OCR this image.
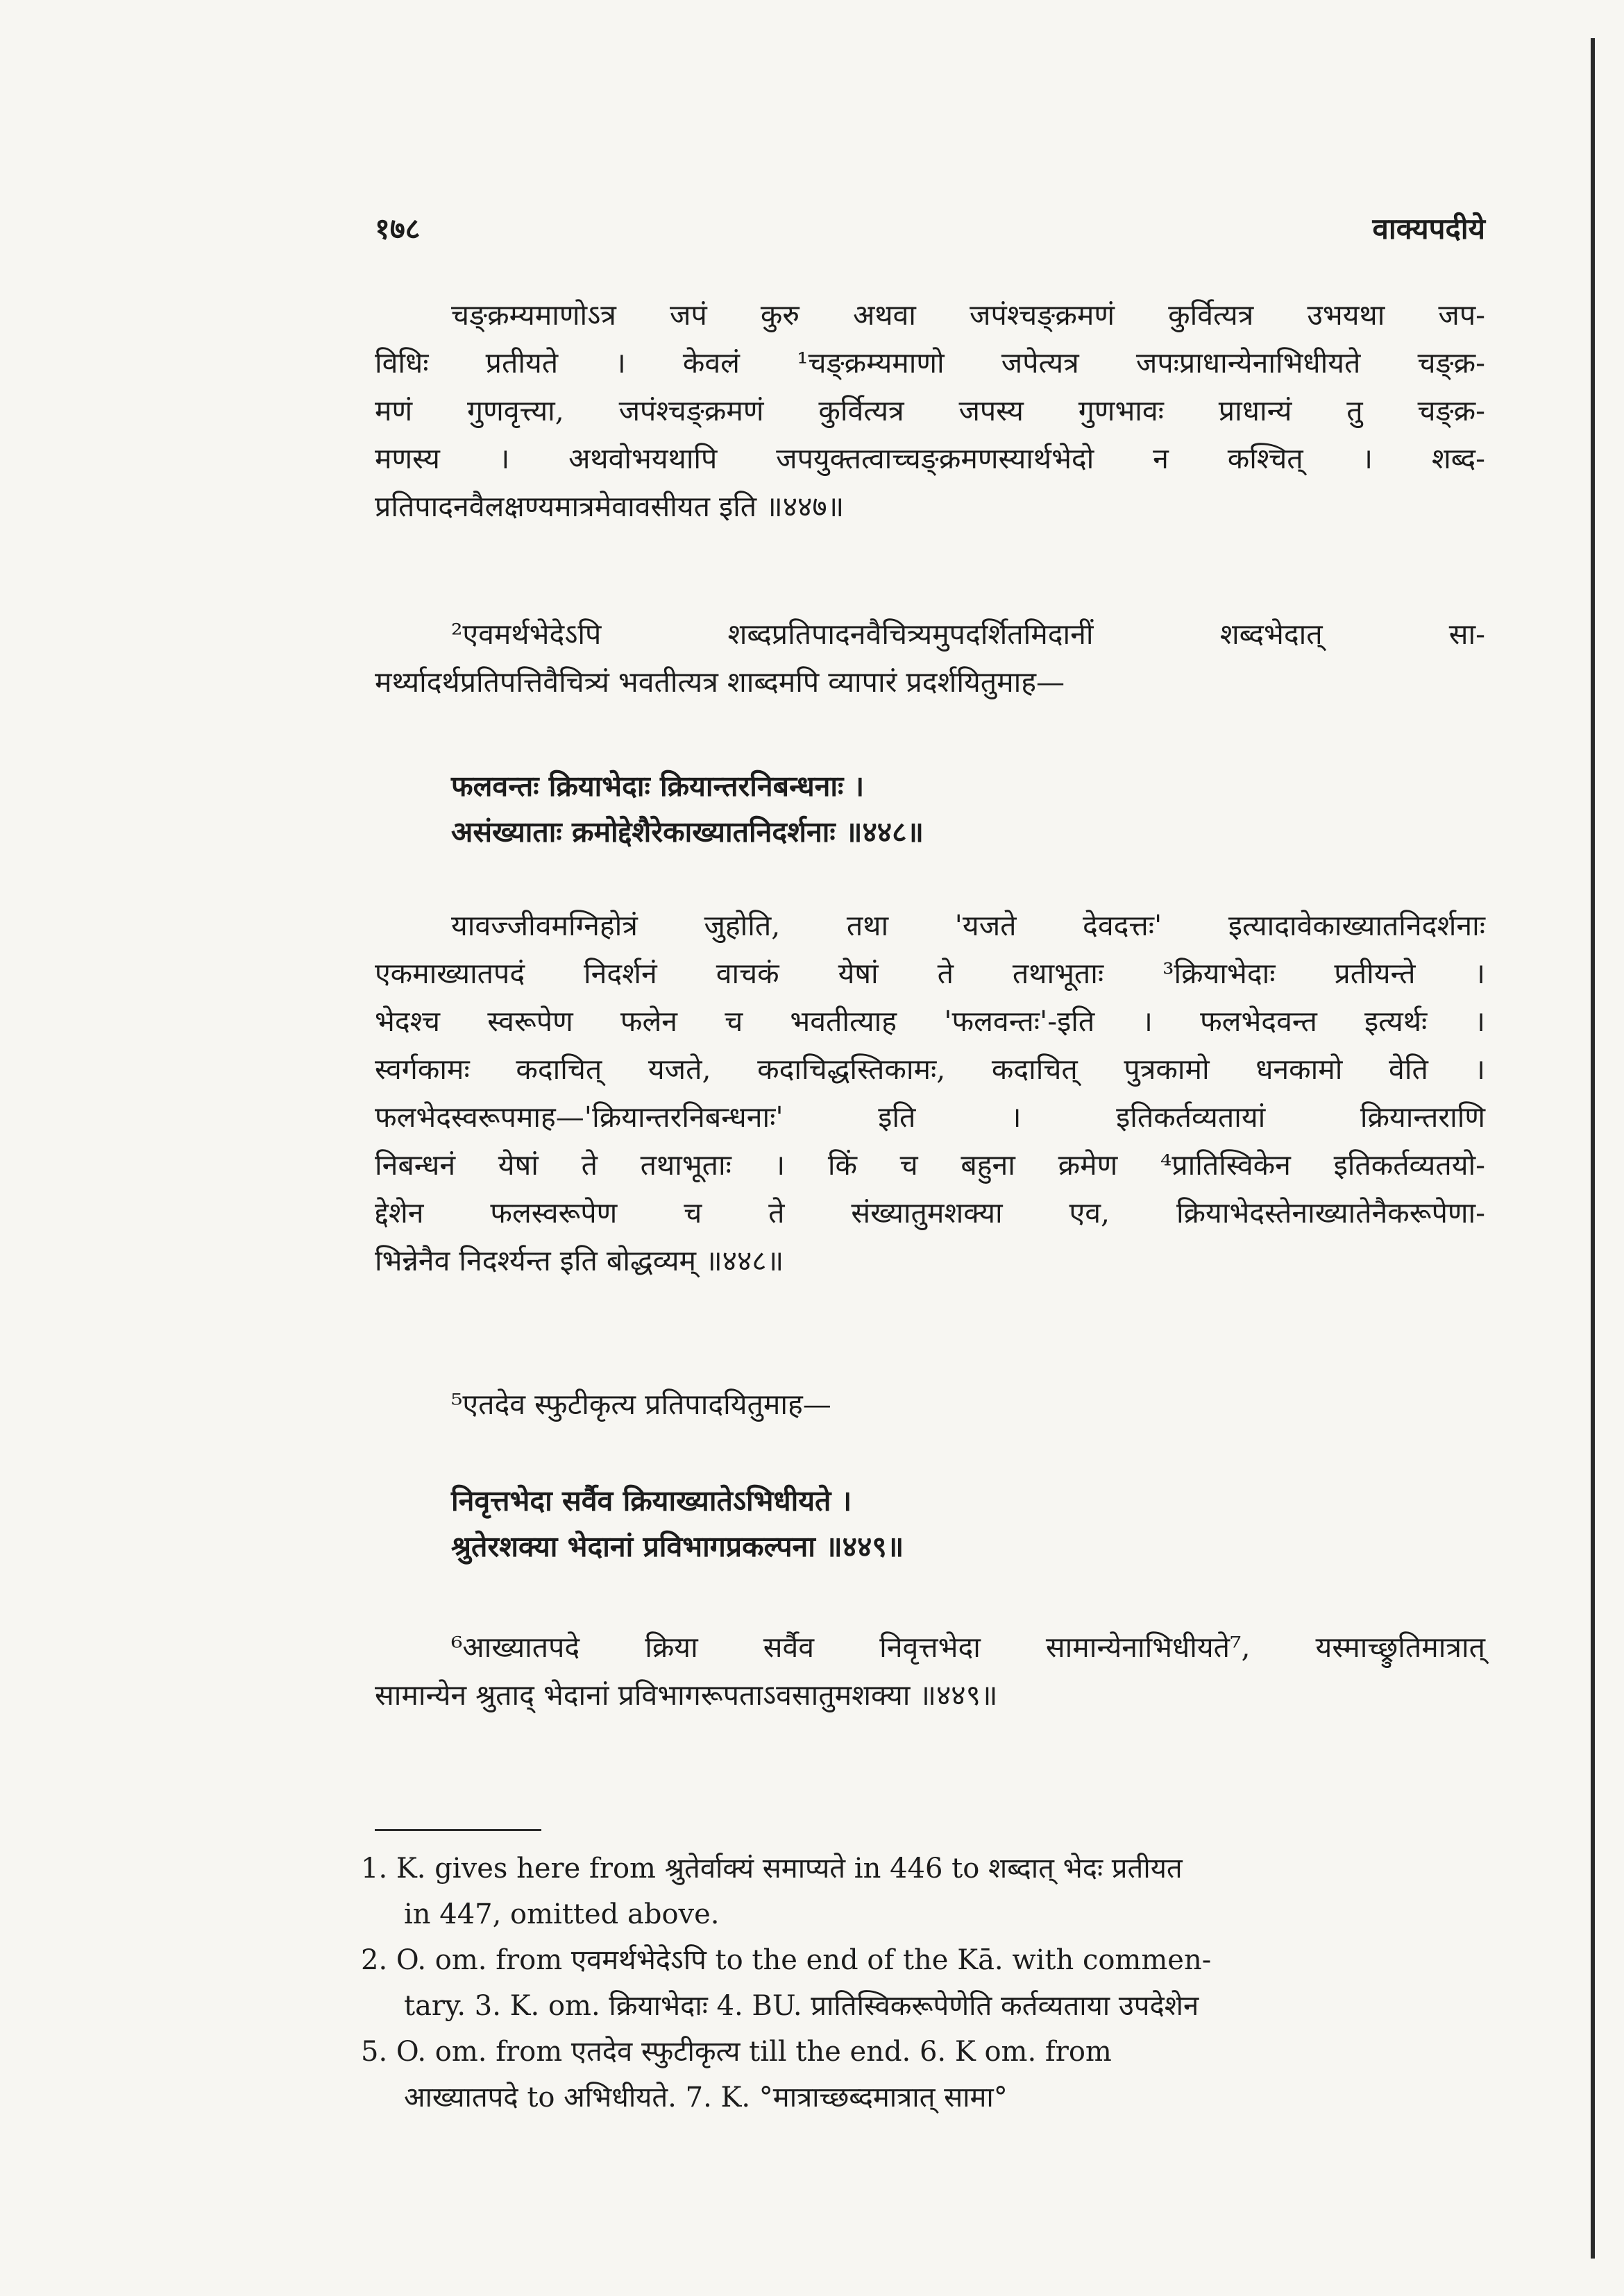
१७८	वाक्यपदीये
चङ्क्रम्यमाणोऽत्र जपं कुरु अथवा जपंश्चङ्क्रमणं कुर्वित्यत्र उभयथा जप-
विधिः प्रतीयते । केवलं ¹चङ्क्रम्यमाणो जपेत्यत्र जपःप्राधान्येनाभिधीयते चङ्क्र-
मणं गुणवृत्त्या, जपंश्चङ्क्रमणं कुर्वित्यत्र जपस्य गुणभावः प्राधान्यं तु चङ्क्र-
मणस्य । अथवोभयथापि जपयुक्तत्वाच्चङ्क्रमणस्यार्थभेदो न कश्चित् । शब्द-
प्रतिपादनवैलक्षण्यमात्रमेवावसीयत इति ॥४४७॥
²एवमर्थभेदेऽपि शब्दप्रतिपादनवैचित्र्यमुपदर्शितमिदानीं शब्दभेदात् सा-
मर्थ्यादर्थप्रतिपत्तिवैचित्र्यं भवतीत्यत्र शाब्दमपि व्यापारं प्रदर्शयितुमाह—
फलवन्तः क्रियाभेदाः क्रियान्तरनिबन्धनाः ।
असंख्याताः क्रमोद्देशैरेकाख्यातनिदर्शनाः ॥४४८॥
यावज्जीवमग्निहोत्रं जुहोति, तथा 'यजते देवदत्तः' इत्यादावेकाख्यातनिदर्शनाः
एकमाख्यातपदं निदर्शनं वाचकं येषां ते तथाभूताः ³क्रियाभेदाः प्रतीयन्ते ।
भेदश्च स्वरूपेण फलेन च भवतीत्याह 'फलवन्तः'-इति । फलभेदवन्त इत्यर्थः ।
स्वर्गकामः कदाचित् यजते, कदाचिद्धस्तिकामः, कदाचित् पुत्रकामो धनकामो वेति ।
फलभेदस्वरूपमाह—'क्रियान्तरनिबन्धनाः' इति । इतिकर्तव्यतायां क्रियान्तराणि
निबन्धनं येषां ते तथाभूताः । किं च बहुना क्रमेण ⁴प्रातिस्विकेन इतिकर्तव्यतयो-
द्देशेन फलस्वरूपेण च ते संख्यातुमशक्या एव, क्रियाभेदस्तेनाख्यातेनैकरूपेणा-
भिन्नेनैव निदर्श्यन्त इति बोद्धव्यम् ॥४४८॥
⁵एतदेव स्फुटीकृत्य प्रतिपादयितुमाह—
निवृत्तभेदा सर्वैव क्रियाख्यातेऽभिधीयते ।
श्रुतेरशक्या भेदानां प्रविभागप्रकल्पना ॥४४९॥
⁶आख्यातपदे क्रिया सर्वैव निवृत्तभेदा सामान्येनाभिधीयते⁷, यस्माच्छ्रुतिमात्रात्
सामान्येन श्रुताद् भेदानां प्रविभागरूपताऽवसातुमशक्या ॥४४९॥
1. K. gives here from श्रुतेर्वाक्यं समाप्यते in 446 to शब्दात् भेदः प्रतीयत
in 447, omitted above.
2. O. om. from एवमर्थभेदेऽपि to the end of the Kā. with commen-
tary. 3. K. om. क्रियाभेदाः 4. BU. प्रातिस्विकरूपेणेति कर्तव्यताया उपदेशेन
5. O. om. from एतदेव स्फुटीकृत्य till the end. 6. K om. from
आख्यातपदे to अभिधीयते. 7. K. °मात्राच्छब्दमात्रात् सामा°
